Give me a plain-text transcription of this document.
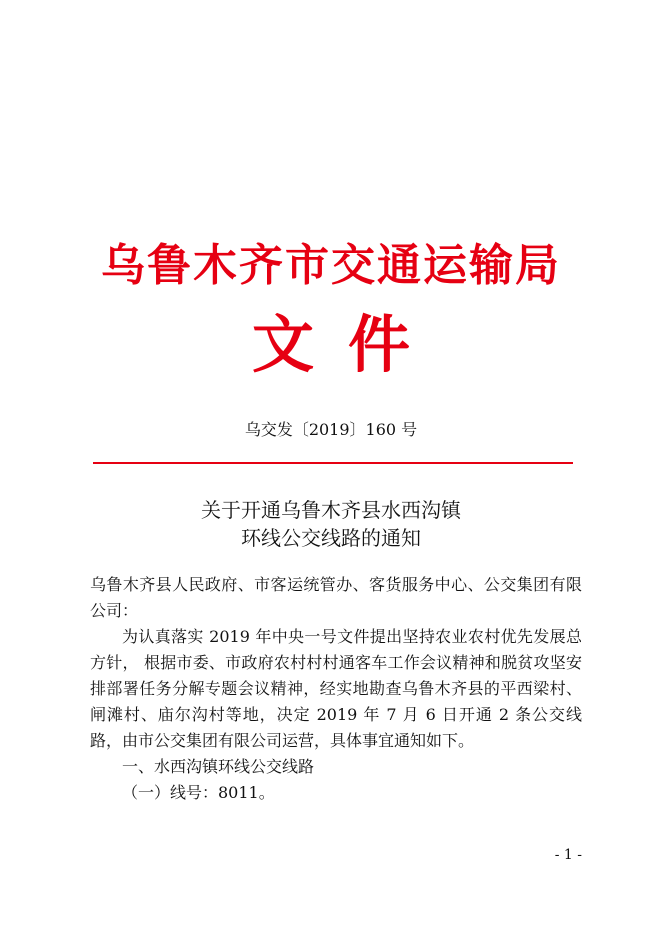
乌鲁木齐市交通运输局
文件
乌交发〔2019〕160 号
关于开通乌鲁木齐县水西沟镇
环线公交线路的通知

乌鲁木齐县人民政府、市客运统管办、客货服务中心、公交集团有限公司：

为认真落实 2019 年中央一号文件提出坚持农业农村优先发展总方针， 根据市委、市政府农村村村通客车工作会议精神和脱贫攻坚安排部署任务分解专题会议精神，经实地勘查乌鲁木齐县的平西梁村、闸滩村、庙尔沟村等地，决定 2019 年 7 月 6 日开通 2 条公交线路，由市公交集团有限公司运营，具体事宜通知如下。

一、水西沟镇环线公交线路

（一）线号：8011。

- 1 -
